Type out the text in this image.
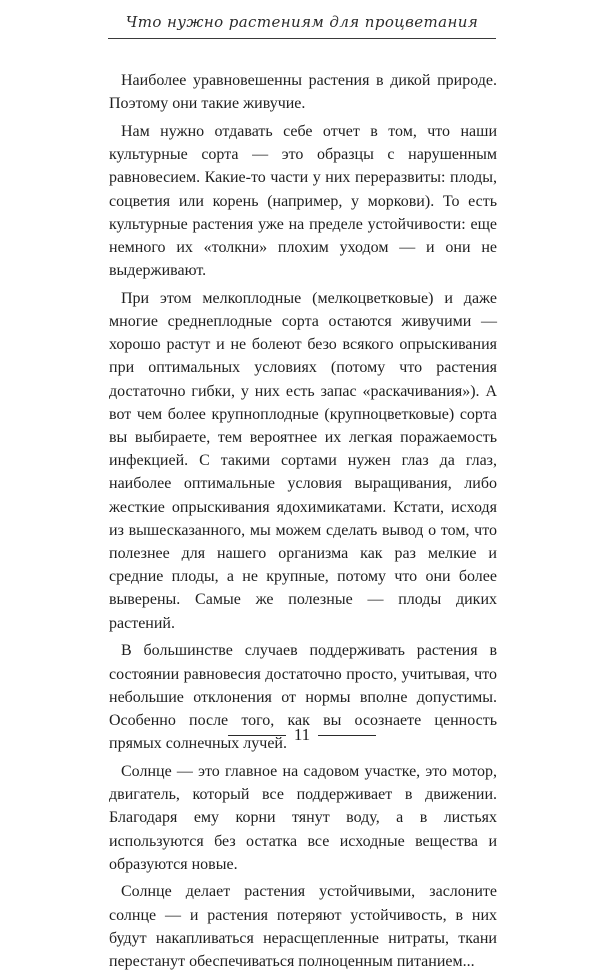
Что нужно растениям для процветания

Наиболее уравновешенны растения в дикой природе. Поэтому они такие живучие.

Нам нужно отдавать себе отчет в том, что наши культурные сорта — это образцы с нарушенным равновесием. Какие-то части у них переразвиты: плоды, соцветия или корень (например, у моркови). То есть культурные растения уже на пределе устойчивости: еще немного их «толкни» плохим уходом — и они не выдерживают.

При этом мелкоплодные (мелкоцветковые) и даже многие среднеплодные сорта остаются живучими — хорошо растут и не болеют безо всякого опрыскивания при оптимальных условиях (потому что растения достаточно гибки, у них есть запас «раскачивания»). А вот чем более крупноплодные (крупноцветковые) сорта вы выбираете, тем вероятнее их легкая поражаемость инфекцией. С такими сортами нужен глаз да глаз, наиболее оптимальные условия выращивания, либо жесткие опрыскивания ядохимикатами. Кстати, исходя из вышесказанного, мы можем сделать вывод о том, что полезнее для нашего организма как раз мелкие и средние плоды, а не крупные, потому что они более выверены. Самые же полезные — плоды диких растений.

В большинстве случаев поддерживать растения в состоянии равновесия достаточно просто, учитывая, что небольшие отклонения от нормы вполне допустимы. Особенно после того, как вы осознаете ценность прямых солнечных лучей.

Солнце — это главное на садовом участке, это мотор, двигатель, который все поддерживает в движении. Благодаря ему корни тянут воду, а в листьях используются без остатка все исходные вещества и образуются новые.

Солнце делает растения устойчивыми, заслоните солнце — и растения потеряют устойчивость, в них будут накапливаться нерасщепленные нитраты, ткани перестанут обеспечиваться полноценным питанием...

11
